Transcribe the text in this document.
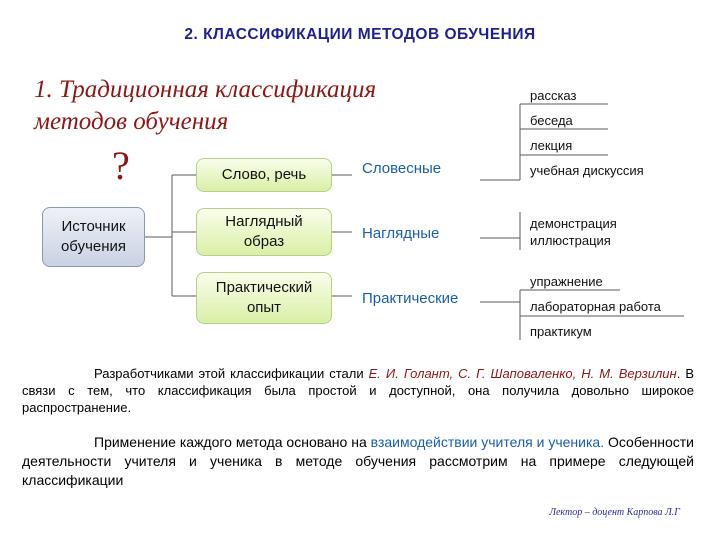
2. КЛАССИФИКАЦИИ МЕТОДОВ ОБУЧЕНИЯ
1. Традиционная классификация
методов обучения
?
Источник
обучения
Слово, речь
Наглядный
образ
Практический
опыт
Словесные
Наглядные
Практические
рассказ
беседа
лекция
учебная дискуссия
демонстрация
иллюстрация
упражнение
лабораторная работа
практикум
Разработчиками этой классификации стали Е. И. Голант, С. Г. Шаповаленко, Н. М. Верзилин. В связи с тем, что классификация была простой и доступной, она получила довольно широкое распространение.
Применение каждого метода основано на взаимодействии учителя и ученика. Особенности деятельности учителя и ученика в методе обучения рассмотрим на примере следующей классификации
Лектор – доцент Карпова Л.Г
